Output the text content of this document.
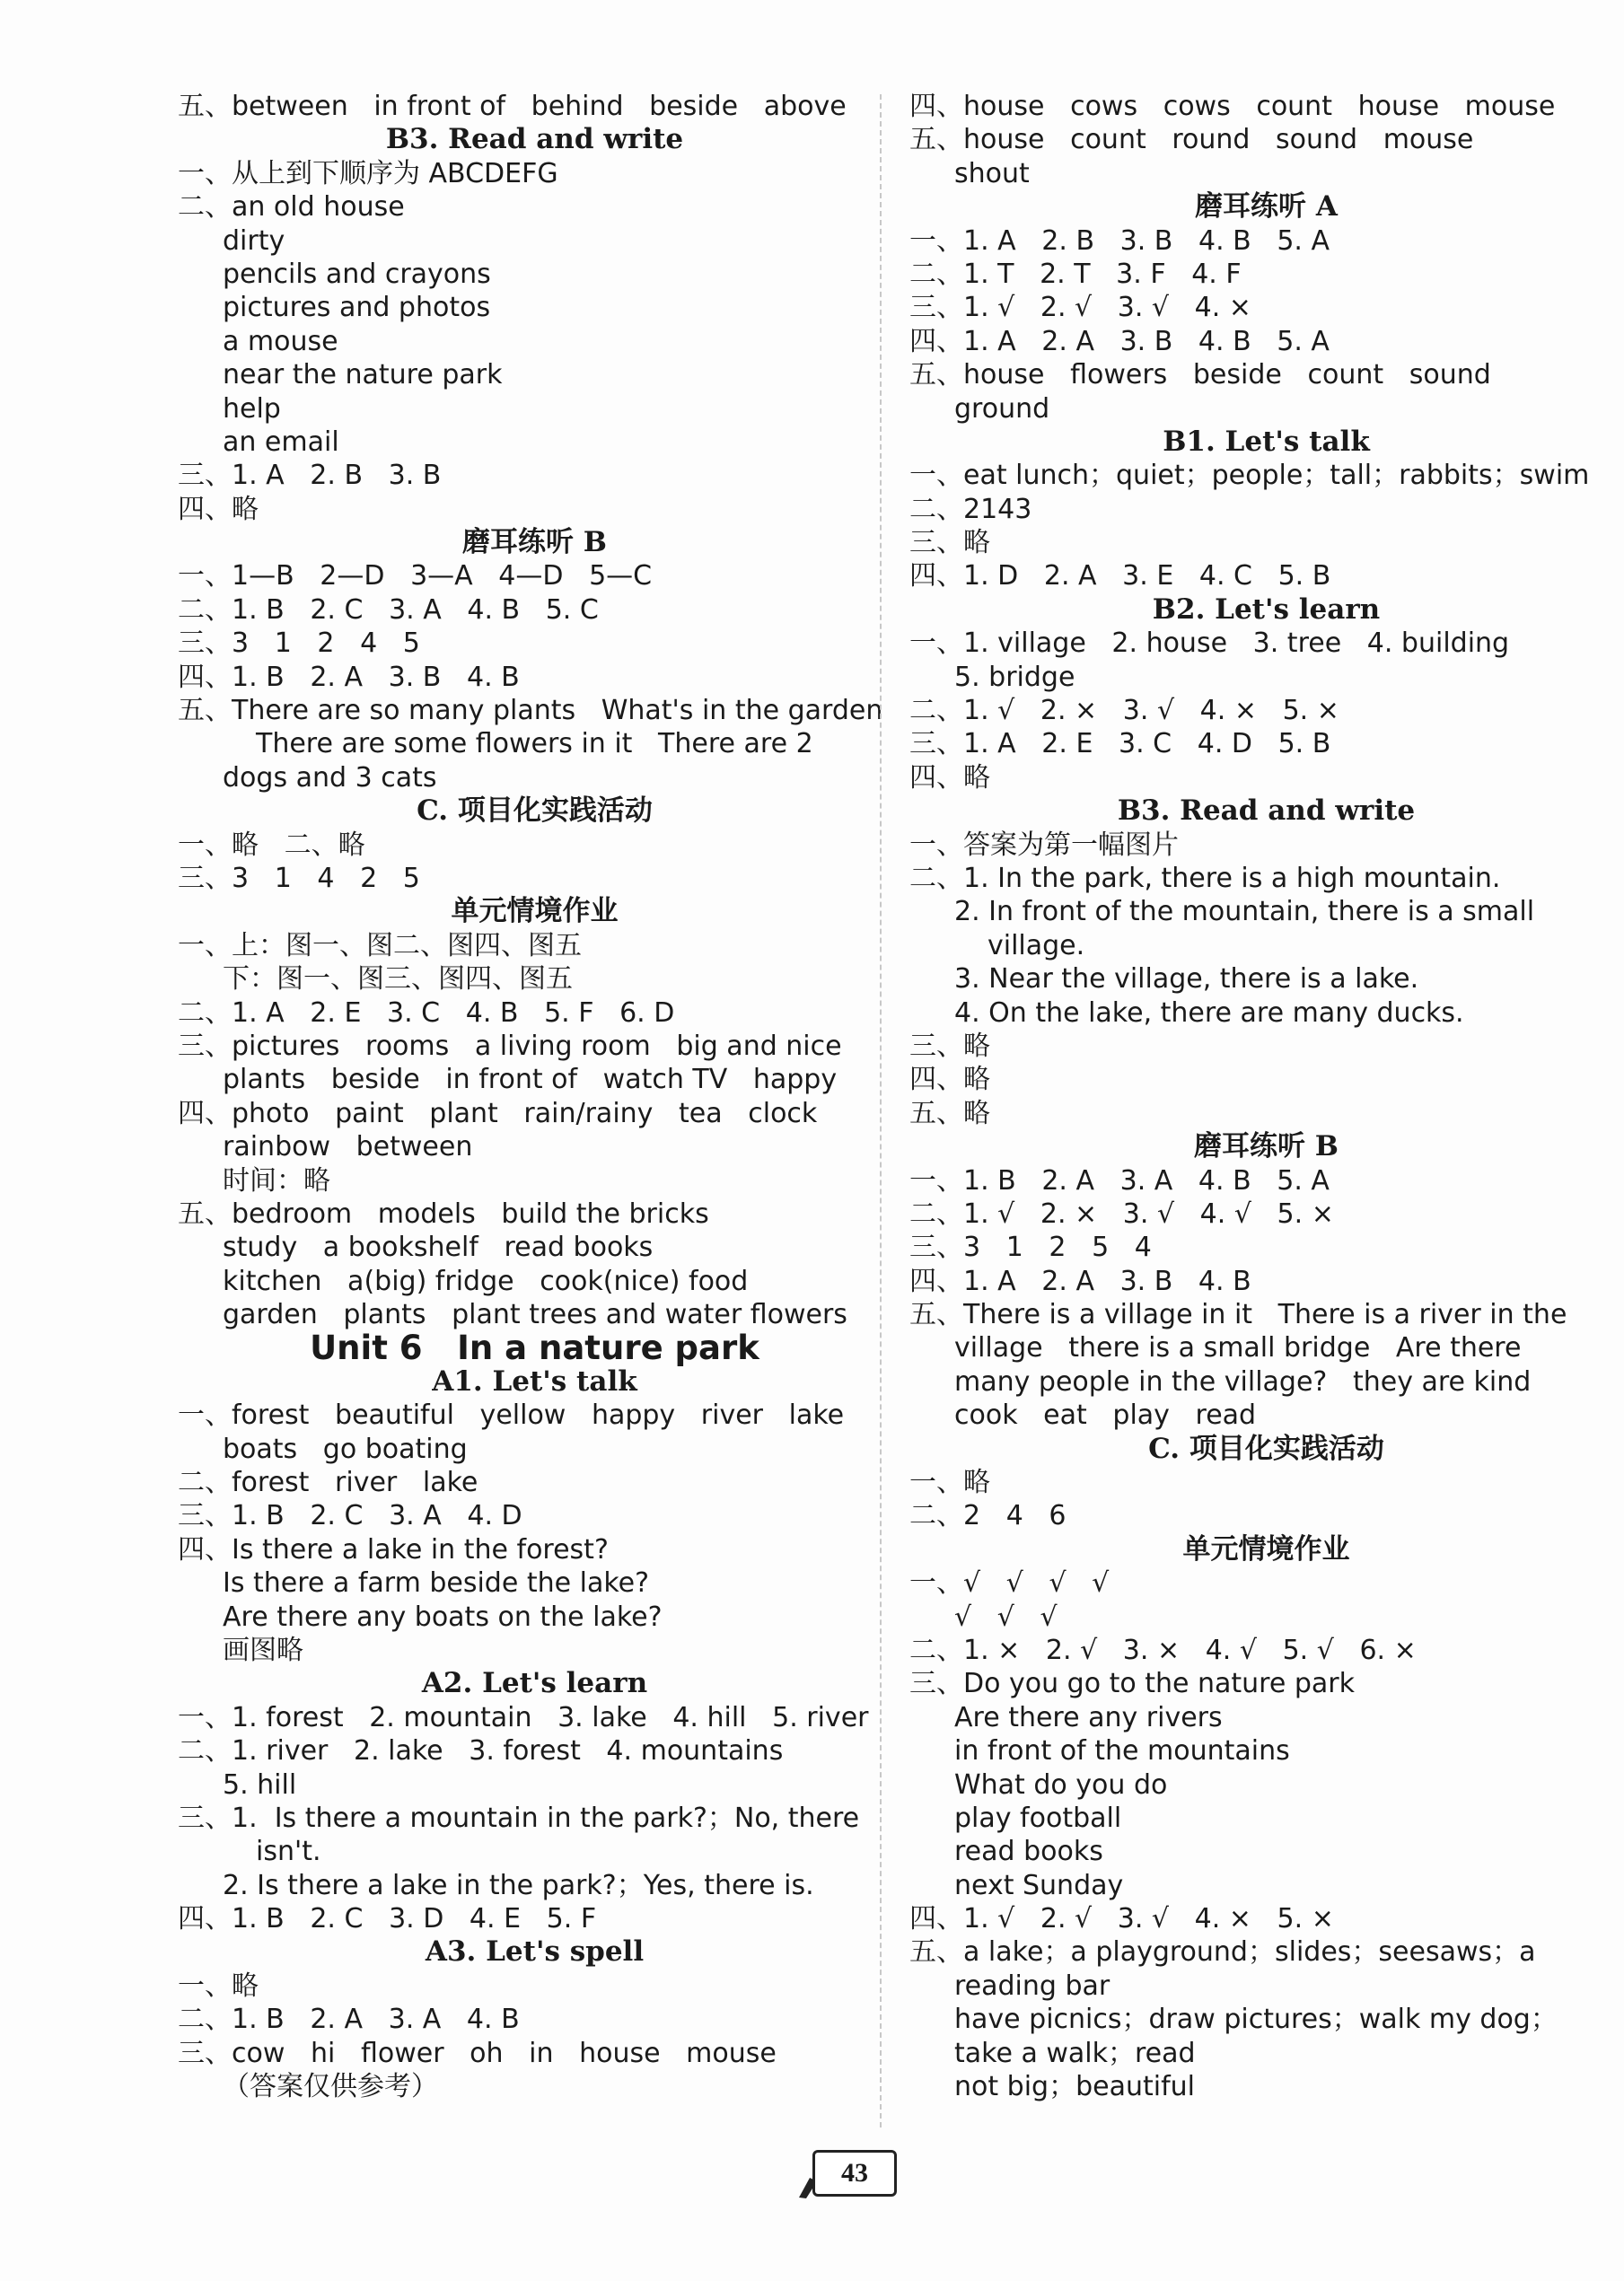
五、between   in front of   behind   beside   above
B3. Read and write
一、从上到下顺序为 ABCDEFG
二、an old house
dirty
pencils and crayons
pictures and photos
a mouse
near the nature park
help
an email
三、1. A   2. B   3. B
四、略
磨耳练听 B
一、1—B   2—D   3—A   4—D   5—C
二、1. B   2. C   3. A   4. B   5. C
三、3   1   2   4   5
四、1. B   2. A   3. B   4. B
五、There are so many plants   What's in the garden
There are some flowers in it   There are 2
dogs and 3 cats
C. 项目化实践活动
一、略   二、略
三、3   1   4   2   5
单元情境作业
一、上：图一、图二、图四、图五
下：图一、图三、图四、图五
二、1. A   2. E   3. C   4. B   5. F   6. D
三、pictures   rooms   a living room   big and nice
plants   beside   in front of   watch TV   happy
四、photo   paint   plant   rain/rainy   tea   clock
rainbow   between
时间：略
五、bedroom   models   build the bricks
study   a bookshelf   read books
kitchen   a(big) fridge   cook(nice) food
garden   plants   plant trees and water flowers
Unit 6   In a nature park
A1. Let's talk
一、forest   beautiful   yellow   happy   river   lake
boats   go boating
二、forest   river   lake
三、1. B   2. C   3. A   4. D
四、Is there a lake in the forest?
Is there a farm beside the lake?
Are there any boats on the lake?
画图略
A2. Let's learn
一、1. forest   2. mountain   3. lake   4. hill   5. river
二、1. river   2. lake   3. forest   4. mountains
5. hill
三、1.  Is there a mountain in the park?；No, there
isn't.
2. Is there a lake in the park?；Yes, there is.
四、1. B   2. C   3. D   4. E   5. F
A3. Let's spell
一、略
二、1. B   2. A   3. A   4. B
三、cow   hi   flower   oh   in   house   mouse
（答案仅供参考）
四、house   cows   cows   count   house   mouse
五、house   count   round   sound   mouse
shout
磨耳练听 A
一、1. A   2. B   3. B   4. B   5. A
二、1. T   2. T   3. F   4. F
三、1. √   2. √   3. √   4. ×
四、1. A   2. A   3. B   4. B   5. A
五、house   flowers   beside   count   sound
ground
B1. Let's talk
一、eat lunch；quiet；people；tall；rabbits；swim
二、2143
三、略
四、1. D   2. A   3. E   4. C   5. B
B2. Let's learn
一、1. village   2. house   3. tree   4. building
5. bridge
二、1. √   2. ×   3. √   4. ×   5. ×
三、1. A   2. E   3. C   4. D   5. B
四、略
B3. Read and write
一、答案为第一幅图片
二、1. In the park, there is a high mountain.
2. In front of the mountain, there is a small
village.
3. Near the village, there is a lake.
4. On the lake, there are many ducks.
三、略
四、略
五、略
磨耳练听 B
一、1. B   2. A   3. A   4. B   5. A
二、1. √   2. ×   3. √   4. √   5. ×
三、3   1   2   5   4
四、1. A   2. A   3. B   4. B
五、There is a village in it   There is a river in the
village   there is a small bridge   Are there
many people in the village?   they are kind
cook   eat   play   read
C. 项目化实践活动
一、略
二、2   4   6
单元情境作业
一、√   √   √   √
√   √   √
二、1. ×   2. √   3. ×   4. √   5. √   6. ×
三、Do you go to the nature park
Are there any rivers
in front of the mountains
What do you do
play football
read books
next Sunday
四、1. √   2. √   3. √   4. ×   5. ×
五、a lake；a playground；slides；seesaws；a
reading bar
have picnics；draw pictures；walk my dog；
take a walk；read
not big；beautiful
43
